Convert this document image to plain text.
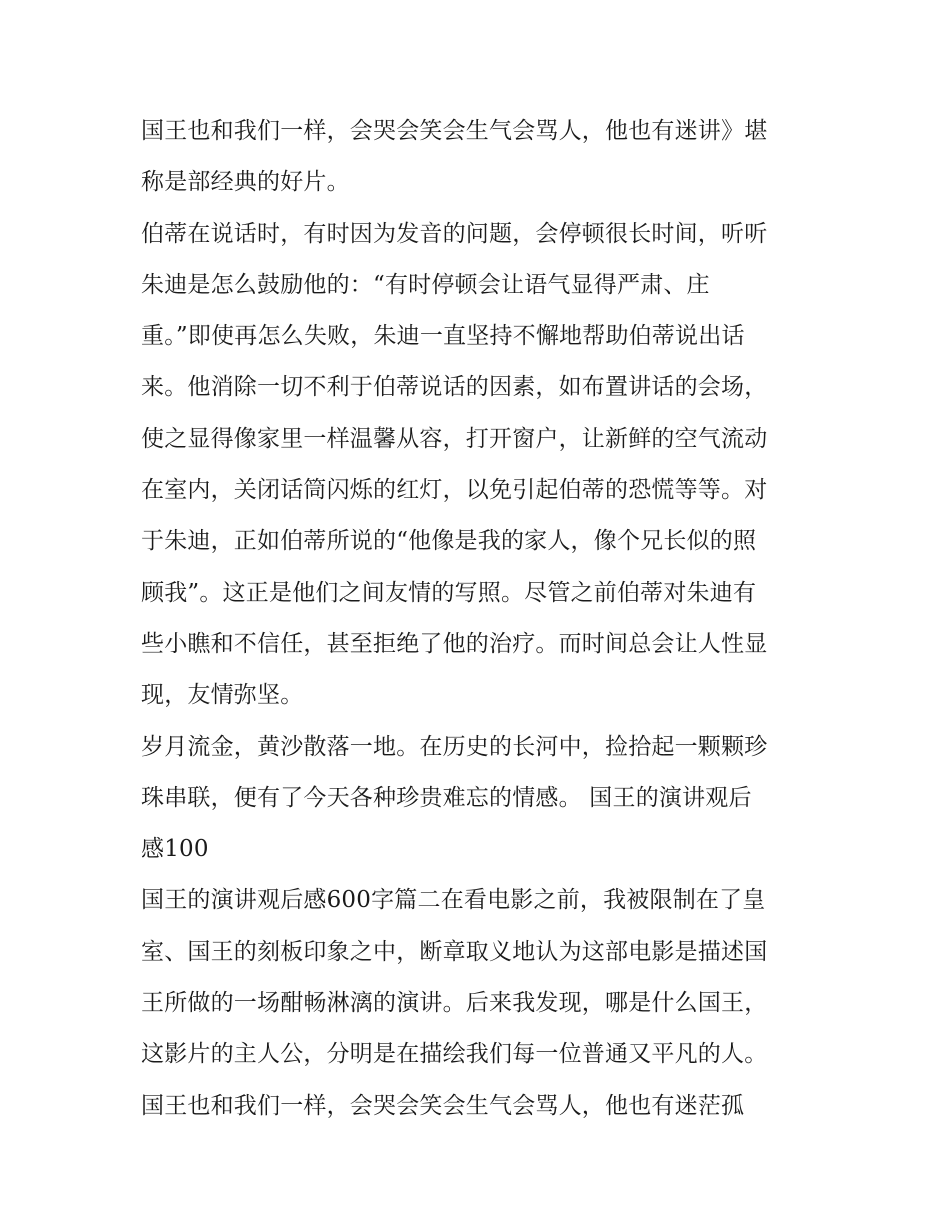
国王也和我们一样，会哭会笑会生气会骂人，他也有迷讲》堪
称是部经典的好片。
伯蒂在说话时，有时因为发音的问题，会停顿很长时间，听听
朱迪是怎么鼓励他的：“有时停顿会让语气显得严肃、庄
重。”即使再怎么失败，朱迪一直坚持不懈地帮助伯蒂说出话
来。他消除一切不利于伯蒂说话的因素，如布置讲话的会场，
使之显得像家里一样温馨从容，打开窗户，让新鲜的空气流动
在室内，关闭话筒闪烁的红灯，以免引起伯蒂的恐慌等等。对
于朱迪，正如伯蒂所说的“他像是我的家人，像个兄长似的照
顾我”。这正是他们之间友情的写照。尽管之前伯蒂对朱迪有
些小瞧和不信任，甚至拒绝了他的治疗。而时间总会让人性显
现，友情弥坚。
岁月流金，黄沙散落一地。在历史的长河中，捡拾起一颗颗珍
珠串联，便有了今天各种珍贵难忘的情感。 国王的演讲观后
感100
国王的演讲观后感600字篇二在看电影之前，我被限制在了皇
室、国王的刻板印象之中，断章取义地认为这部电影是描述国
王所做的一场酣畅淋漓的演讲。后来我发现，哪是什么国王，
这影片的主人公，分明是在描绘我们每一位普通又平凡的人。
国王也和我们一样，会哭会笑会生气会骂人，他也有迷茫孤
